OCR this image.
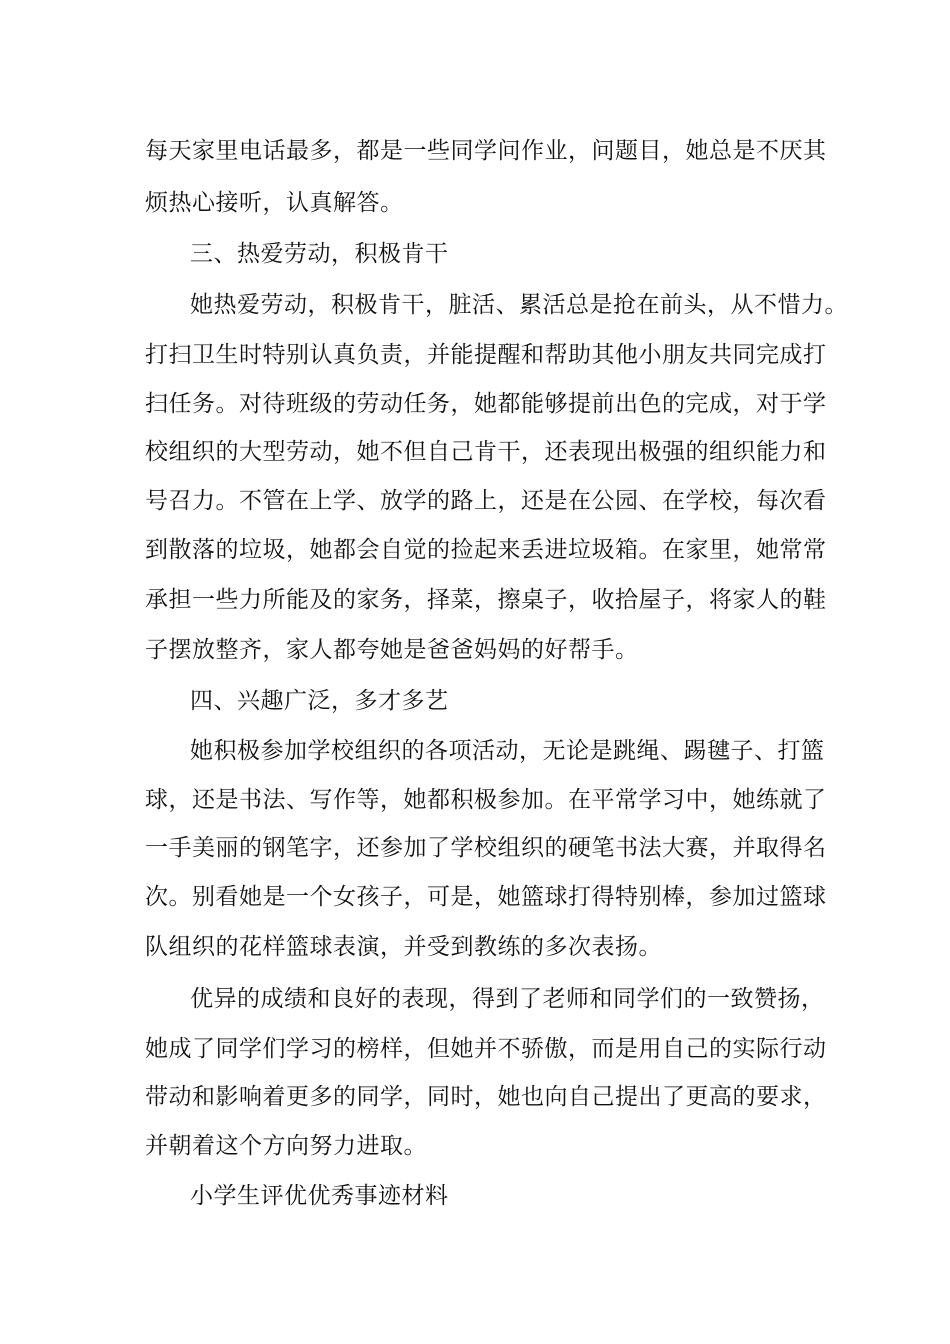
每天家里电话最多，都是一些同学问作业，问题目，她总是不厌其
烦热心接听，认真解答。
三、热爱劳动，积极肯干
她热爱劳动，积极肯干，脏活、累活总是抢在前头，从不惜力。
打扫卫生时特别认真负责，并能提醒和帮助其他小朋友共同完成打
扫任务。对待班级的劳动任务，她都能够提前出色的完成，对于学
校组织的大型劳动，她不但自己肯干，还表现出极强的组织能力和
号召力。不管在上学、放学的路上，还是在公园、在学校，每次看
到散落的垃圾，她都会自觉的捡起来丢进垃圾箱。在家里，她常常
承担一些力所能及的家务，择菜，擦桌子，收拾屋子，将家人的鞋
子摆放整齐，家人都夸她是爸爸妈妈的好帮手。
四、兴趣广泛，多才多艺
她积极参加学校组织的各项活动，无论是跳绳、踢毽子、打篮
球，还是书法、写作等，她都积极参加。在平常学习中，她练就了
一手美丽的钢笔字，还参加了学校组织的硬笔书法大赛，并取得名
次。别看她是一个女孩子，可是，她篮球打得特别棒，参加过篮球
队组织的花样篮球表演，并受到教练的多次表扬。
优异的成绩和良好的表现，得到了老师和同学们的一致赞扬，
她成了同学们学习的榜样，但她并不骄傲，而是用自己的实际行动
带动和影响着更多的同学，同时，她也向自己提出了更高的要求，
并朝着这个方向努力进取。
小学生评优优秀事迹材料
